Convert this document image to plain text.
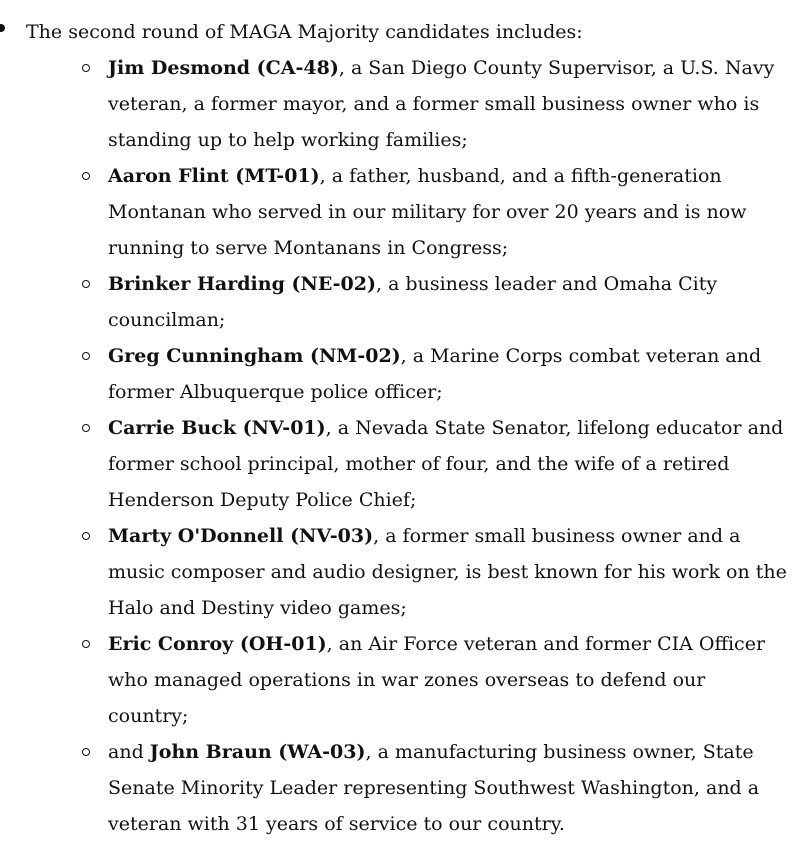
The second round of MAGA Majority candidates includes:
Jim Desmond (CA-48), a San Diego County Supervisor, a U.S. Navy veteran, a former mayor, and a former small business owner who is standing up to help working families;
Aaron Flint (MT-01), a father, husband, and a fifth-generation Montanan who served in our military for over 20 years and is now running to serve Montanans in Congress;
Brinker Harding (NE-02), a business leader and Omaha City councilman;
Greg Cunningham (NM-02), a Marine Corps combat veteran and former Albuquerque police officer;
Carrie Buck (NV-01), a Nevada State Senator, lifelong educator and former school principal, mother of four, and the wife of a retired Henderson Deputy Police Chief;
Marty O'Donnell (NV-03), a former small business owner and a music composer and audio designer, is best known for his work on the Halo and Destiny video games;
Eric Conroy (OH-01), an Air Force veteran and former CIA Officer who managed operations in war zones overseas to defend our country;
and John Braun (WA-03), a manufacturing business owner, State Senate Minority Leader representing Southwest Washington, and a veteran with 31 years of service to our country.
